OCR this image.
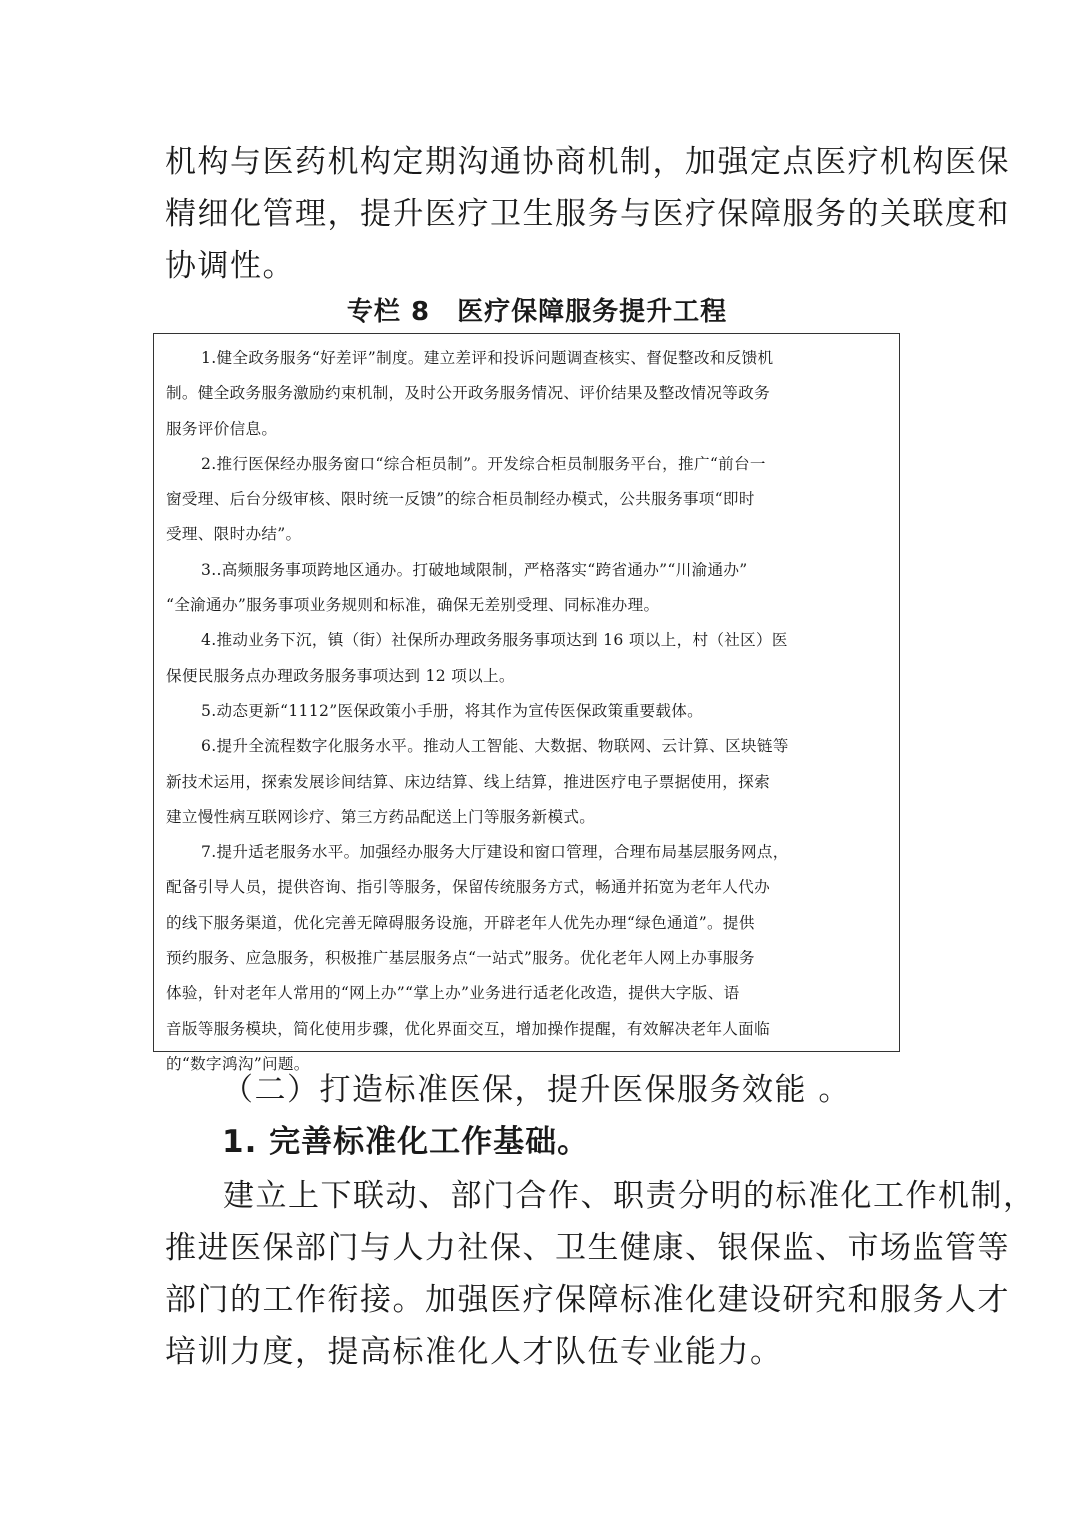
机构与医药机构定期沟通协商机制，加强定点医疗机构医保
精细化管理，提升医疗卫生服务与医疗保障服务的关联度和
协调性。
专栏 8　医疗保障服务提升工程
1.健全政务服务“好差评”制度。建立差评和投诉问题调查核实、督促整改和反馈机
制。健全政务服务激励约束机制，及时公开政务服务情况、评价结果及整改情况等政务
服务评价信息。
2.推行医保经办服务窗口“综合柜员制”。开发综合柜员制服务平台，推广“前台一
窗受理、后台分级审核、限时统一反馈”的综合柜员制经办模式，公共服务事项“即时
受理、限时办结”。
3..高频服务事项跨地区通办。打破地域限制，严格落实“跨省通办”“川渝通办”
“全渝通办”服务事项业务规则和标准，确保无差别受理、同标准办理。
4.推动业务下沉，镇（街）社保所办理政务服务事项达到 16 项以上，村（社区）医
保便民服务点办理政务服务事项达到 12 项以上。
5.动态更新“1112”医保政策小手册，将其作为宣传医保政策重要载体。
6.提升全流程数字化服务水平。推动人工智能、大数据、物联网、云计算、区块链等
新技术运用，探索发展诊间结算、床边结算、线上结算，推进医疗电子票据使用，探索
建立慢性病互联网诊疗、第三方药品配送上门等服务新模式。
7.提升适老服务水平。加强经办服务大厅建设和窗口管理，合理布局基层服务网点，
配备引导人员，提供咨询、指引等服务，保留传统服务方式，畅通并拓宽为老年人代办
的线下服务渠道，优化完善无障碍服务设施，开辟老年人优先办理“绿色通道”。提供
预约服务、应急服务，积极推广基层服务点“一站式”服务。优化老年人网上办事服务
体验，针对老年人常用的“网上办”“掌上办”业务进行适老化改造，提供大字版、语
音版等服务模块，简化使用步骤，优化界面交互，增加操作提醒，有效解决老年人面临
的“数字鸿沟”问题。
（二）打造标准医保，提升医保服务效能 。
1. 完善标准化工作基础。
建立上下联动、部门合作、职责分明的标准化工作机制，
推进医保部门与人力社保、卫生健康、银保监、市场监管等
部门的工作衔接。加强医疗保障标准化建设研究和服务人才
培训力度，提高标准化人才队伍专业能力。
